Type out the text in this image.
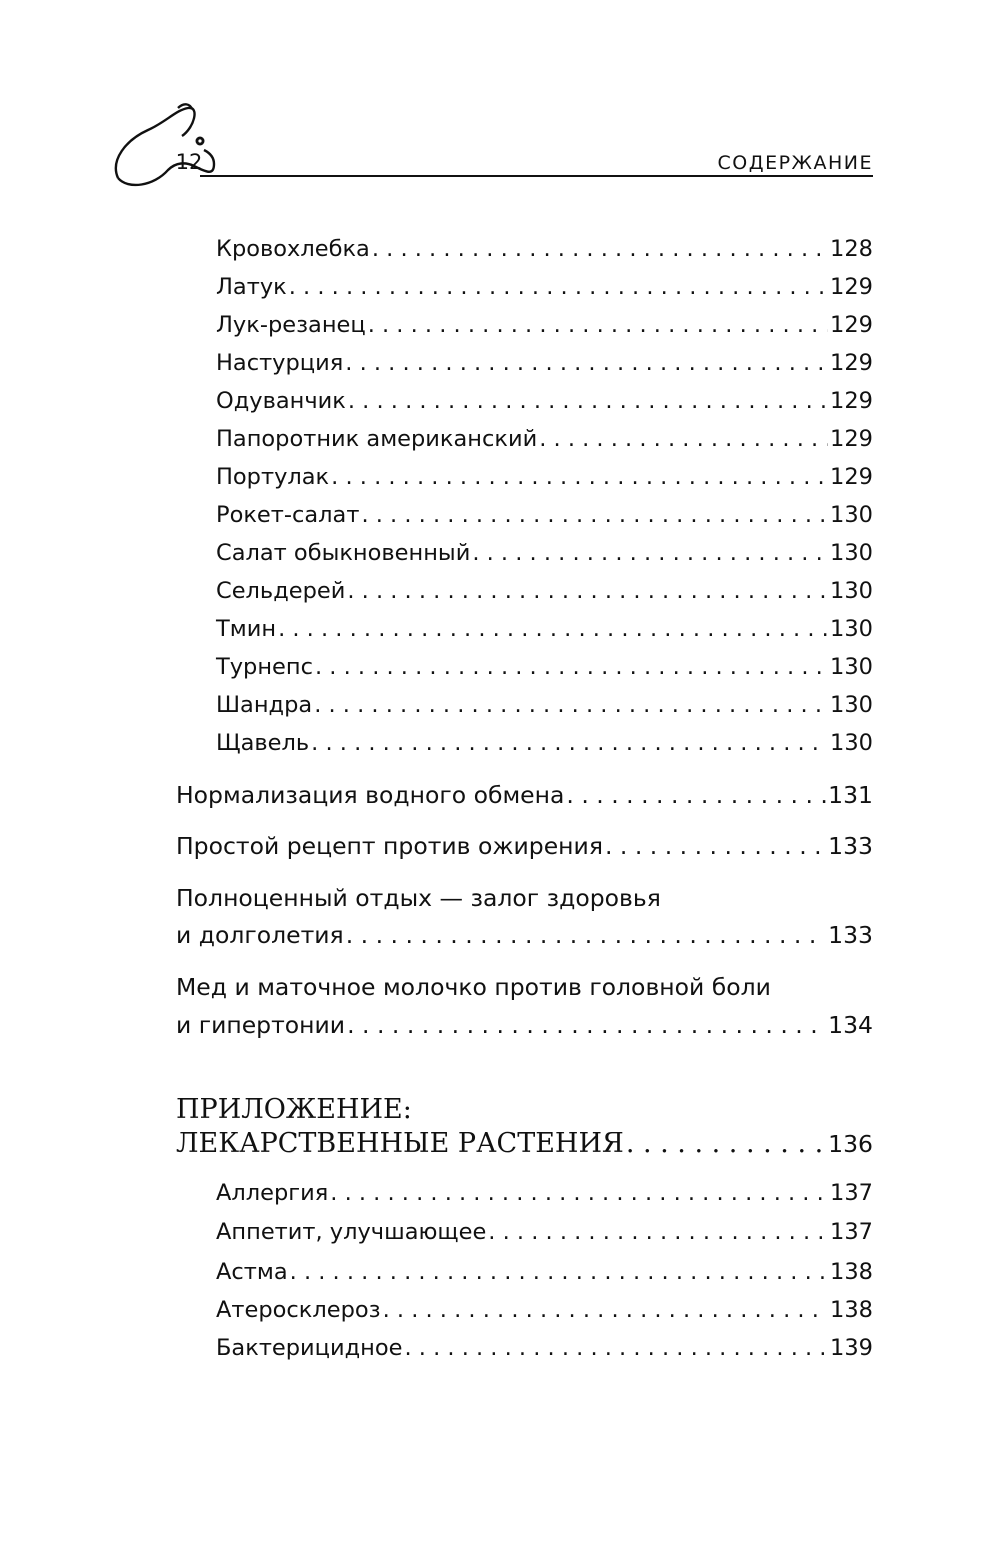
12	СОДЕРЖАНИЕ
Кровохлебка . . .	128
Латук . . .	129
Лук-резанец . . .	129
Настурция . . .	129
Одуванчик . . .	129
Папоротник американский . . .	129
Портулак . . .	129
Рокет-салат . . .	130
Салат обыкновенный . . .	130
Сельдерей . . .	130
Тмин . . .	130
Турнепс . . .	130
Шандра . . .	130
Щавель . . .	130
Нормализация водного обмена . . .	131
Простой рецепт против ожирения . . .	133
Полноценный отдых — залог здоровья
и долголетия . . .	133
Мед и маточное молочко против головной боли
и гипертонии . . .	134
ПРИЛОЖЕНИЕ:
ЛЕКАРСТВЕННЫЕ РАСТЕНИЯ . . .	136
Аллергия . . .	137
Аппетит, улучшающее . . .	137
Астма . . .	138
Атеросклероз . . .	138
Бактерицидное . . .	139
